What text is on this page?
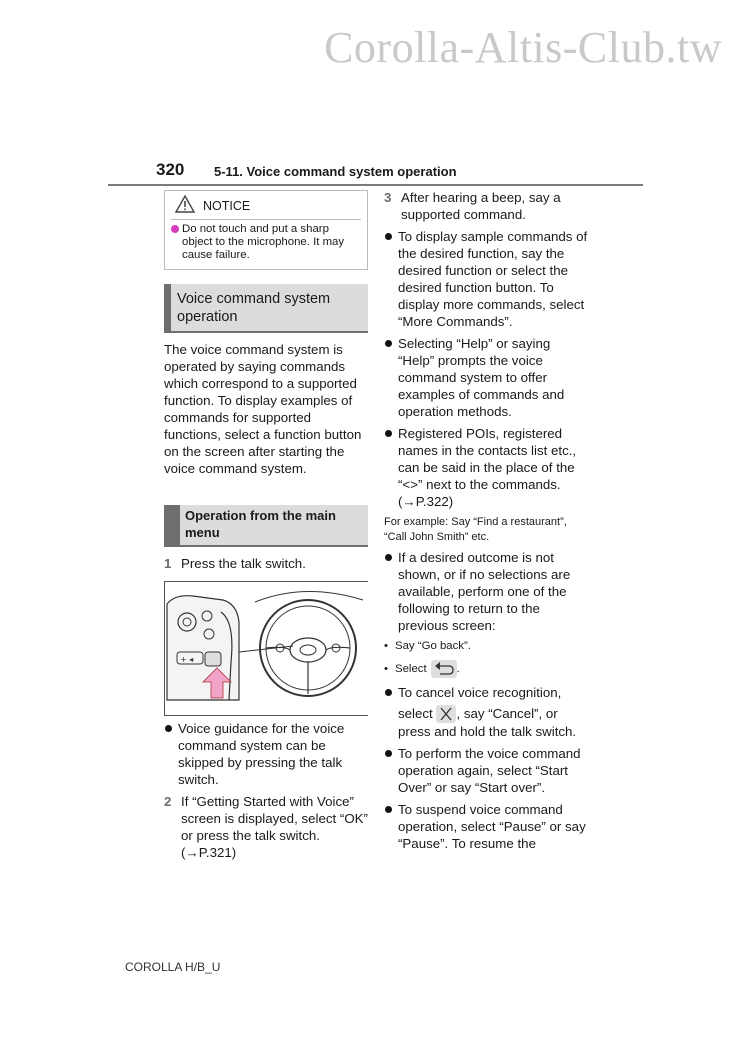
Corolla-Altis-Club.tw
320 5-11. Voice command system operation
NOTICE
Do not touch and put a sharp object to the microphone. It may cause failure.
Voice command system operation
The voice command system is operated by saying commands which correspond to a supported function. To display examples of commands for supported functions, select a function button on the screen after starting the voice command system.
Operation from the main menu
1 Press the talk switch.
+ ◂
Voice guidance for the voice command system can be skipped by pressing the talk switch.
2 If “Getting Started with Voice” screen is displayed, select “OK” or press the talk switch. (→P.321)
3 After hearing a beep, say a supported command.
To display sample commands of the desired function, say the desired function or select the desired function button. To display more commands, select “More Commands”.
Selecting “Help” or saying “Help” prompts the voice command system to offer examples of commands and operation methods.
Registered POIs, registered names in the contacts list etc., can be said in the place of the “<>” next to the commands. (→P.322)
For example: Say “Find a restaurant”, “Call John Smith” etc.
If a desired outcome is not shown, or if no selections are available, perform one of the following to return to the previous screen:
• Say “Go back”.
• Select	.
To cancel voice recognition,
select , say “Cancel”, or press and hold the talk switch.
To perform the voice command operation again, select “Start Over” or say “Start over”.
To suspend voice command operation, select “Pause” or say “Pause”. To resume the
COROLLA H/B_U
